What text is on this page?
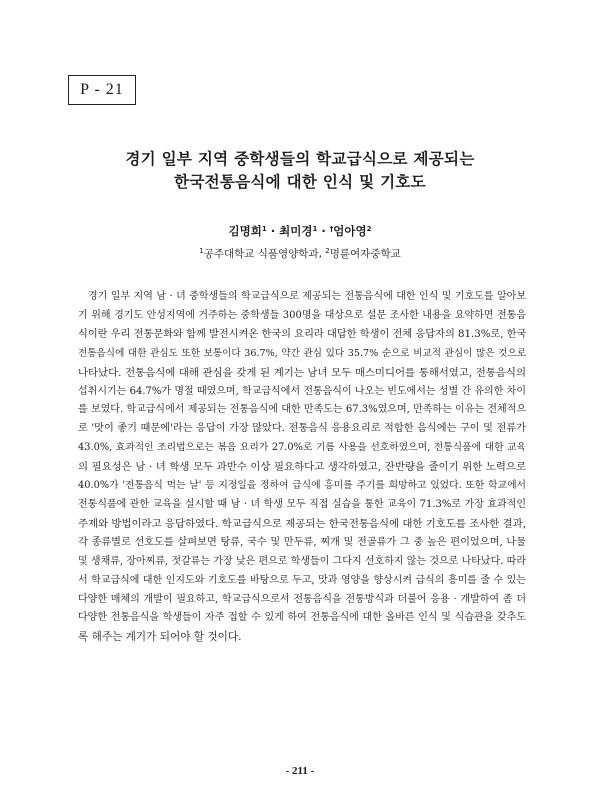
P - 21
경기 일부 지역 중학생들의 학교급식으로 제공되는
한국전통음식에 대한 인식 및 기호도
김명희$^1$ · 최미경$^1$ · †엄아영$^2$
$^1$공주대학교 식품영양학과, $^2$명륜여자중학교
경기 일부 지역 남 · 녀 중학생들의 학교급식으로 제공되는 전통음식에 대한 인식 및 기호도를 알아보
기 위해 경기도 안성지역에 거주하는 중학생들 300명을 대상으로 설문 조사한 내용을 요약하면 전통음
식이란 우리 전통문화와 함께 발전시켜온 한국의 요리라 대답한 학생이 전체 응답자의 81.3%로, 한국
전통음식에 대한 관심도 또한 보통이다 36.7%, 약간 관심 있다 35.7% 순으로 비교적 관심이 많은 것으로
나타났다. 전통음식에 대해 관심을 갖게 된 계기는 남녀 모두 매스미디어를 통해서였고, 전통음식의
섭취시기는 64.7%가 명절 때였으며, 학교급식에서 전통음식이 나오는 빈도에서는 성별 간 유의한 차이
를 보였다. 학교급식에서 제공되는 전통음식에 대한 만족도는 67.3%였으며, 만족하는 이유는 전체적으
로 '맛이 좋기 때문에'라는 응답이 가장 많았다. 전통음식 응용요리로 적합한 음식에는 구이 및 전류가
43.0%, 효과적인 조리법으로는 볶음 요리가 27.0%로 기름 사용을 선호하였으며, 전통식품에 대한 교육
의 필요성은 남 · 녀 학생 모두 과반수 이상 필요하다고 생각하였고, 잔반량을 줄이기 위한 노력으로
40.0%가 '전통음식 먹는 날' 등 지정일을 정하여 급식에 흥미를 주기를 희망하고 있었다. 또한 학교에서
전통식품에 관한 교육을 실시할 때 남 · 녀 학생 모두 직접 실습을 통한 교육이 71.3%로 가장 효과적인
주제와 방법이라고 응답하였다. 학교급식으로 제공되는 한국전통음식에 대한 기호도를 조사한 결과,
각 종류별로 선호도를 살펴보면 탕류, 국수 및 만두류, 찌개 및 전골류가 그 중 높은 편이었으며, 나물
및 생채류, 장아찌류, 젓갈류는 가장 낮은 편으로 학생들이 그다지 선호하지 않는 것으로 나타났다. 따라
서 학교급식에 대한 인지도와 기호도를 바탕으로 두고, 맛과 영양을 향상시켜 급식의 흥미를 줄 수 있는
다양한 매체의 개발이 필요하고, 학교급식으로서 전통음식을 전통방식과 더불어 응용 · 개발하여 좀 더
다양한 전통음식을 학생들이 자주 접할 수 있게 하여 전통음식에 대한 올바른 인식 및 식습관을 갖추도
록 해주는 계기가 되어야 할 것이다.
- 211 -
